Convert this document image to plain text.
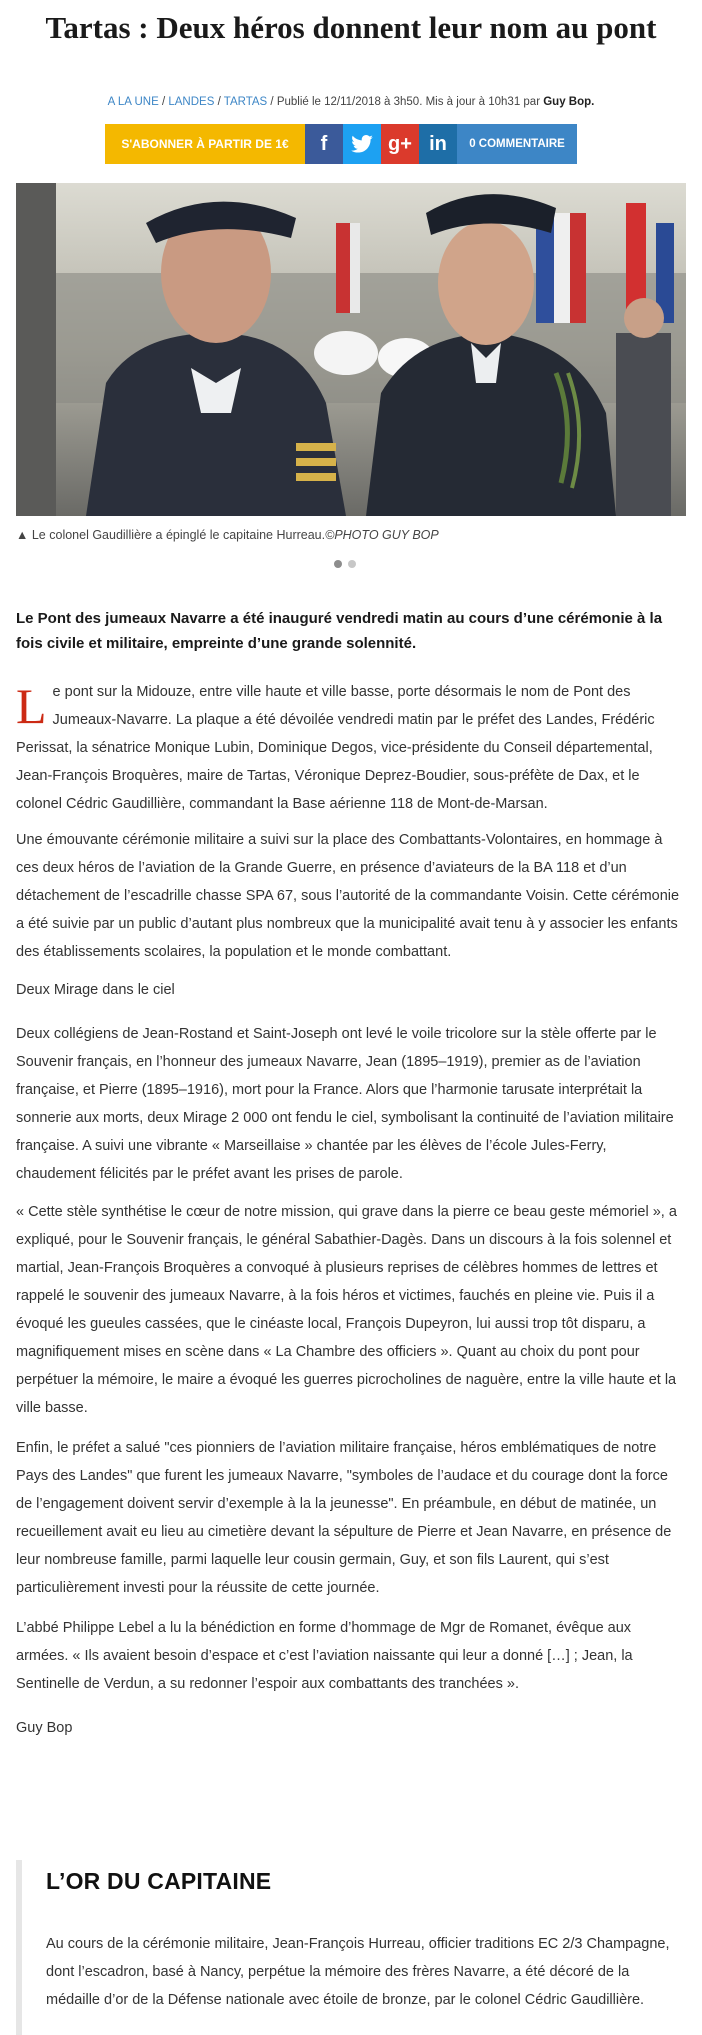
Tartas : Deux héros donnent leur nom au pont
A LA UNE / LANDES / TARTAS / Publié le 12/11/2018 à 3h50. Mis à jour à 10h31 par Guy Bop.
S'ABONNER À PARTIR DE 1€	f	g+ in	0 COMMENTAIRE
▲ Le colonel Gaudillière a épinglé le capitaine Hurreau.©PHOTO GUY BOP

Le Pont des jumeaux Navarre a été inauguré vendredi matin au cours d’une cérémonie à la fois civile et militaire, empreinte d’une grande solennité.

Le pont sur la Midouze, entre ville haute et ville basse, porte désormais le nom de Pont des Jumeaux-Navarre. La plaque a été dévoilée vendredi matin par le préfet des Landes, Frédéric Perissat, la sénatrice Monique Lubin, Dominique Degos, vice-présidente du Conseil départemental, Jean-François Broquères, maire de Tartas, Véronique Deprez-Boudier, sous-préfète de Dax, et le colonel Cédric Gaudillière, commandant la Base aérienne 118 de Mont-de-Marsan.

Une émouvante cérémonie militaire a suivi sur la place des Combattants-Volontaires, en hommage à ces deux héros de l’aviation de la Grande Guerre, en présence d’aviateurs de la BA 118 et d’un détachement de l’escadrille chasse SPA 67, sous l’autorité de la commandante Voisin. Cette cérémonie a été suivie par un public d’autant plus nombreux que la municipalité avait tenu à y associer les enfants des établissements scolaires, la population et le monde combattant.

Deux Mirage dans le ciel

Deux collégiens de Jean-Rostand et Saint-Joseph ont levé le voile tricolore sur la stèle offerte par le Souvenir français, en l’honneur des jumeaux Navarre, Jean (1895–1919), premier as de l’aviation française, et Pierre (1895–1916), mort pour la France. Alors que l’harmonie tarusate interprétait la sonnerie aux morts, deux Mirage 2 000 ont fendu le ciel, symbolisant la continuité de l’aviation militaire française. A suivi une vibrante « Marseillaise » chantée par les élèves de l’école Jules-Ferry, chaudement félicités par le préfet avant les prises de parole.

« Cette stèle synthétise le cœur de notre mission, qui grave dans la pierre ce beau geste mémoriel », a expliqué, pour le Souvenir français, le général Sabathier-Dagès. Dans un discours à la fois solennel et martial, Jean-François Broquères a convoqué à plusieurs reprises de célèbres hommes de lettres et rappelé le souvenir des jumeaux Navarre, à la fois héros et victimes, fauchés en pleine vie. Puis il a évoqué les gueules cassées, que le cinéaste local, François Dupeyron, lui aussi trop tôt disparu, a magnifiquement mises en scène dans « La Chambre des officiers ». Quant au choix du pont pour perpétuer la mémoire, le maire a évoqué les guerres picrocholines de naguère, entre la ville haute et la ville basse.

Enfin, le préfet a salué "ces pionniers de l’aviation militaire française, héros emblématiques de notre Pays des Landes" que furent les jumeaux Navarre, "symboles de l’audace et du courage dont la force de l’engagement doivent servir d’exemple à la la jeunesse". En préambule, en début de matinée, un recueillement avait eu lieu au cimetière devant la sépulture de Pierre et Jean Navarre, en présence de leur nombreuse famille, parmi laquelle leur cousin germain, Guy, et son fils Laurent, qui s’est particulièrement investi pour la réussite de cette journée.

L’abbé Philippe Lebel a lu la bénédiction en forme d’hommage de Mgr de Romanet, évêque aux armées. « Ils avaient besoin d’espace et c’est l’aviation naissante qui leur a donné […] ; Jean, la Sentinelle de Verdun, a su redonner l’espoir aux combattants des tranchées ».

Guy Bop

L’OR DU CAPITAINE

Au cours de la cérémonie militaire, Jean-François Hurreau, officier traditions EC 2/3 Champagne, dont l’escadron, basé à Nancy, perpétue la mémoire des frères Navarre, a été décoré de la médaille d’or de la Défense nationale avec étoile de bronze, par le colonel Cédric Gaudillière.
